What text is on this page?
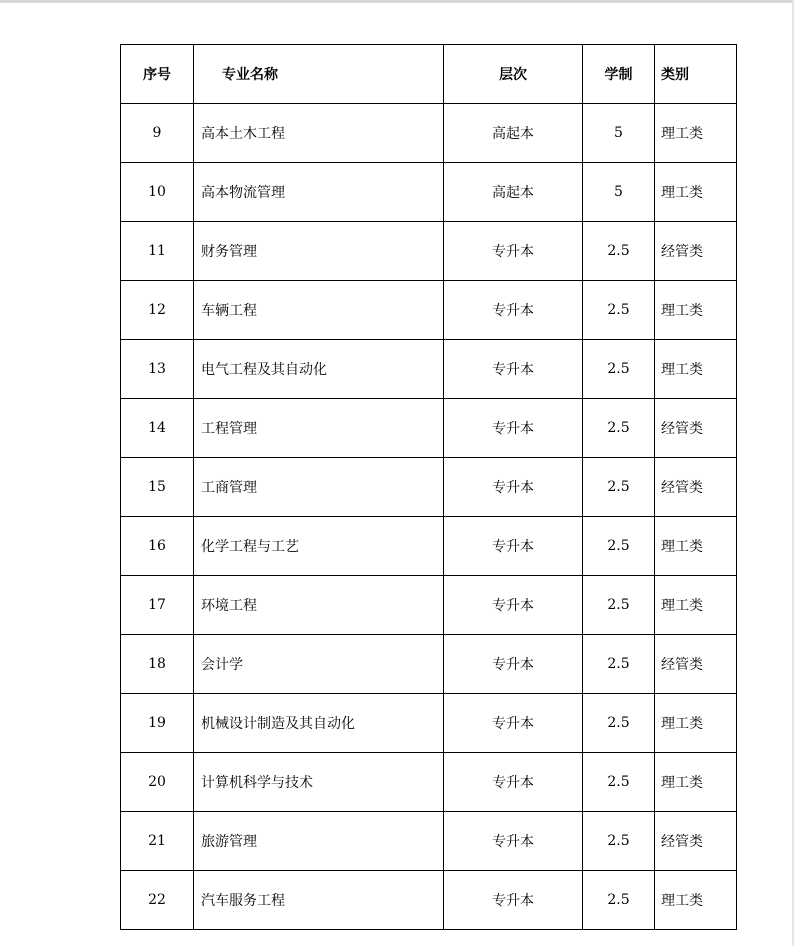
序号	专业名称	层次	学制	类别
9	高本土木工程	高起本	5	理工类
10	高本物流管理	高起本	5	理工类
11	财务管理	专升本	2.5	经管类
12	车辆工程	专升本	2.5	理工类
13	电气工程及其自动化	专升本	2.5	理工类
14	工程管理	专升本	2.5	经管类
15	工商管理	专升本	2.5	经管类
16	化学工程与工艺	专升本	2.5	理工类
17	环境工程	专升本	2.5	理工类
18	会计学	专升本	2.5	经管类
19	机械设计制造及其自动化	专升本	2.5	理工类
20	计算机科学与技术	专升本	2.5	理工类
21	旅游管理	专升本	2.5	经管类
22	汽车服务工程	专升本	2.5	理工类
